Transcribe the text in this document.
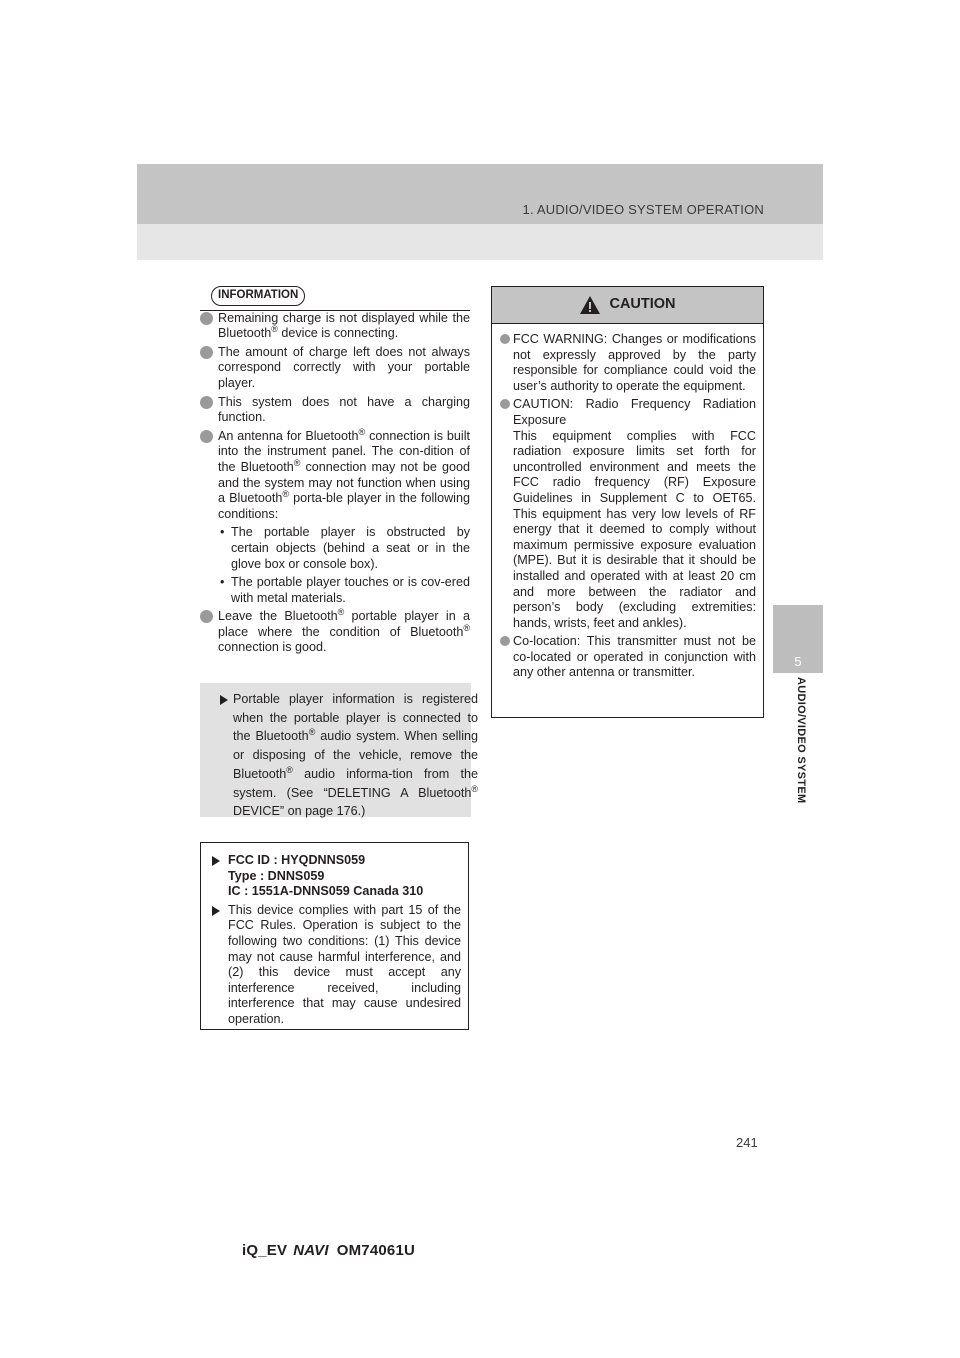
1. AUDIO/VIDEO SYSTEM OPERATION
5
AUDIO/VIDEO SYSTEM
INFORMATION
Remaining charge is not displayed while the Bluetooth® device is connecting.
The amount of charge left does not always correspond correctly with your portable player.
This system does not have a charging function.
An antenna for Bluetooth® connection is built into the instrument panel. The con-dition of the Bluetooth® connection may not be good and the system may not function when using a Bluetooth® porta-ble player in the following conditions:
• The portable player is obstructed by certain objects (behind a seat or in the glove box or console box).
• The portable player touches or is cov-ered with metal materials.
Leave the Bluetooth® portable player in a place where the condition of Bluetooth® connection is good.
Portable player information is registered when the portable player is connected to the Bluetooth® audio system. When selling or disposing of the vehicle, remove the Bluetooth® audio informa-tion from the system. (See “DELETING A Bluetooth® DEVICE” on page 176.)
FCC ID : HYQDNNS059
Type : DNNS059
IC : 1551A-DNNS059 Canada 310
This device complies with part 15 of the FCC Rules. Operation is subject to the following two conditions: (1) This device may not cause harmful interference, and (2) this device must accept any interference received, including interference that may cause undesired operation.
CAUTION
FCC WARNING: Changes or modifications not expressly approved by the party responsible for compliance could void the user’s authority to operate the equipment.
CAUTION: Radio Frequency Radiation Exposure
This equipment complies with FCC radiation exposure limits set forth for uncontrolled environment and meets the FCC radio frequency (RF) Exposure Guidelines in Supplement C to OET65. This equipment has very low levels of RF energy that it deemed to comply without maximum permissive exposure evaluation (MPE). But it is desirable that it should be installed and operated with at least 20 cm and more between the radiator and person’s body (excluding extremities: hands, wrists, feet and ankles).
Co-location: This transmitter must not be co-located or operated in conjunction with any other antenna or transmitter.
241
iQ_EV NAVI OM74061U
